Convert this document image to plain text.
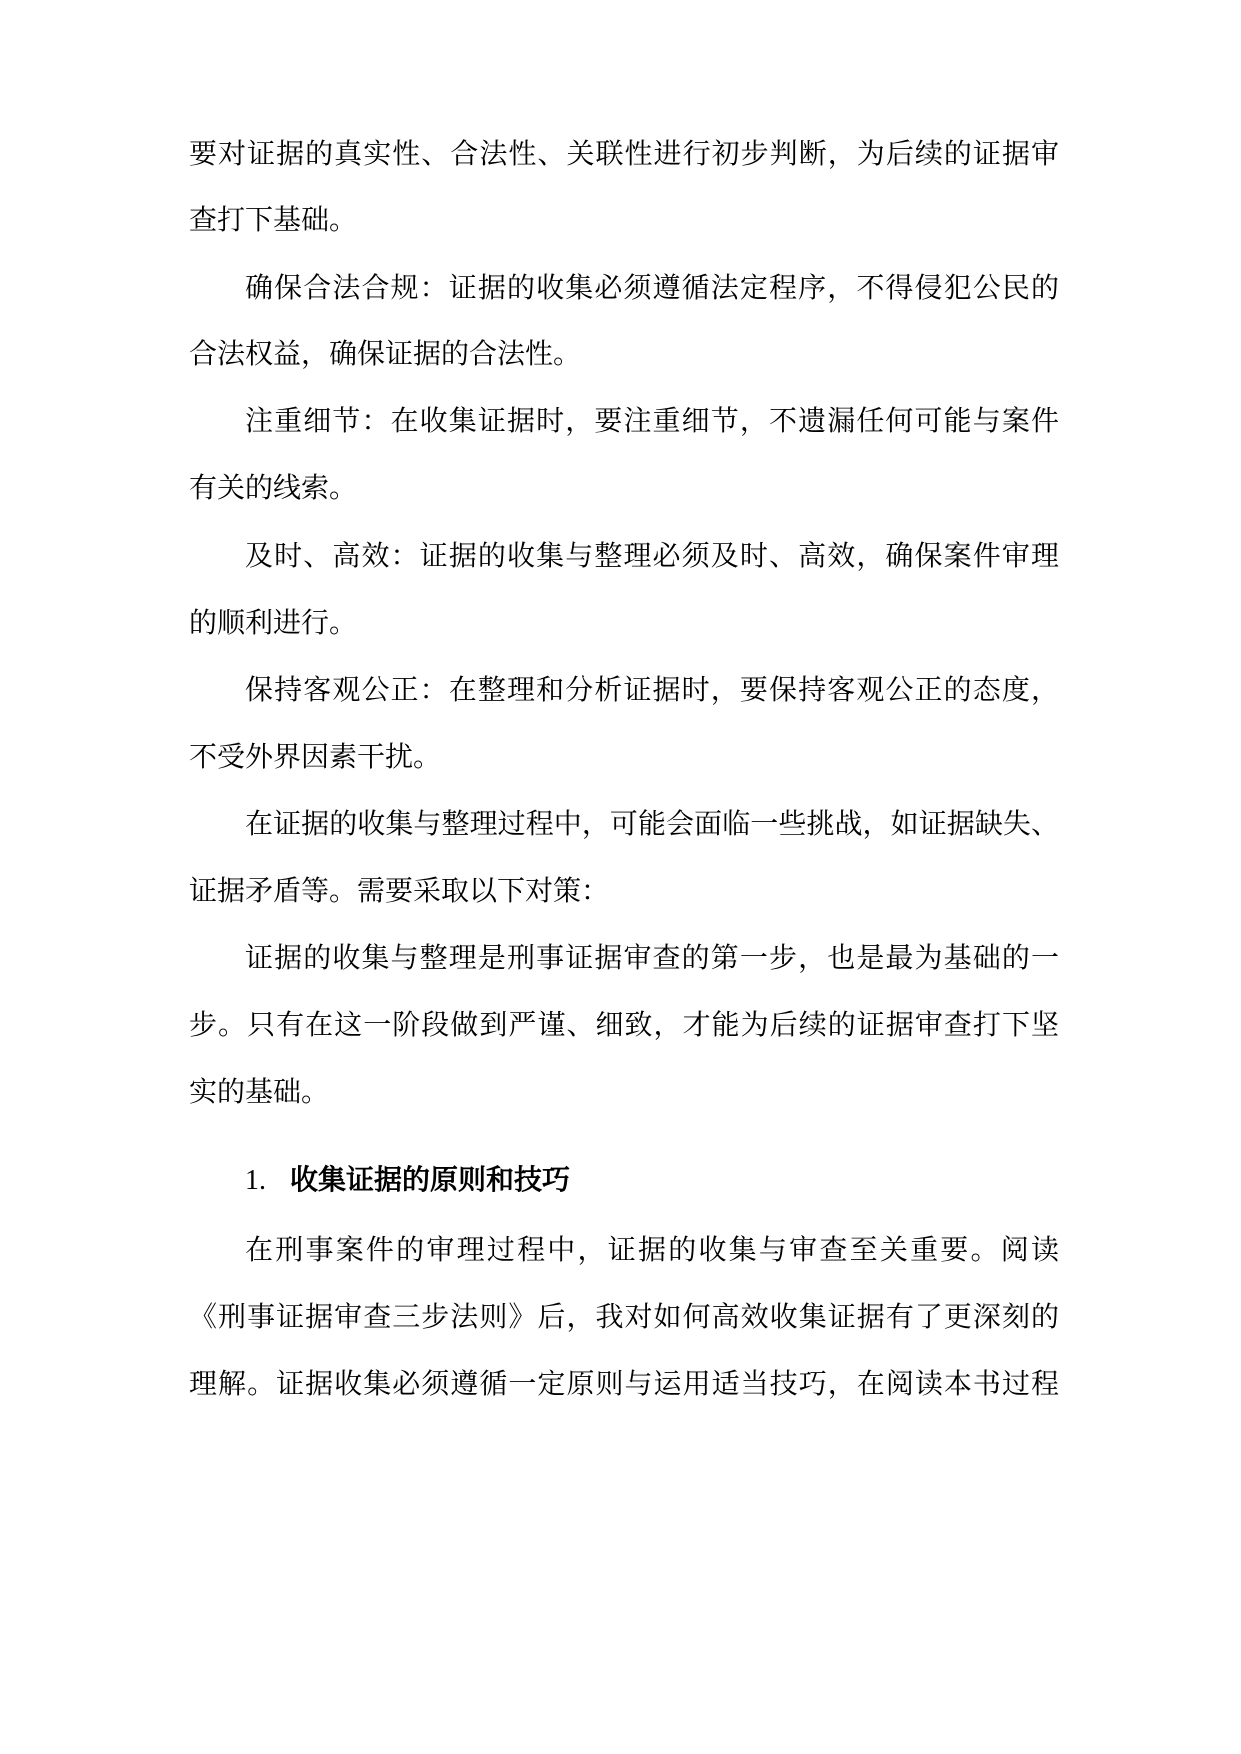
要对证据的真实性、合法性、关联性进行初步判断，为后续的证据审
查打下基础。
确保合法合规：证据的收集必须遵循法定程序，不得侵犯公民的
合法权益，确保证据的合法性。
注重细节：在收集证据时，要注重细节，不遗漏任何可能与案件
有关的线索。
及时、高效：证据的收集与整理必须及时、高效，确保案件审理
的顺利进行。
保持客观公正：在整理和分析证据时，要保持客观公正的态度，
不受外界因素干扰。
在证据的收集与整理过程中，可能会面临一些挑战，如证据缺失、
证据矛盾等。需要采取以下对策：
证据的收集与整理是刑事证据审查的第一步，也是最为基础的一
步。只有在这一阶段做到严谨、细致，才能为后续的证据审查打下坚
实的基础。
1. 收集证据的原则和技巧
在刑事案件的审理过程中，证据的收集与审查至关重要。阅读
《刑事证据审查三步法则》后，我对如何高效收集证据有了更深刻的
理解。证据收集必须遵循一定原则与运用适当技巧，在阅读本书过程
